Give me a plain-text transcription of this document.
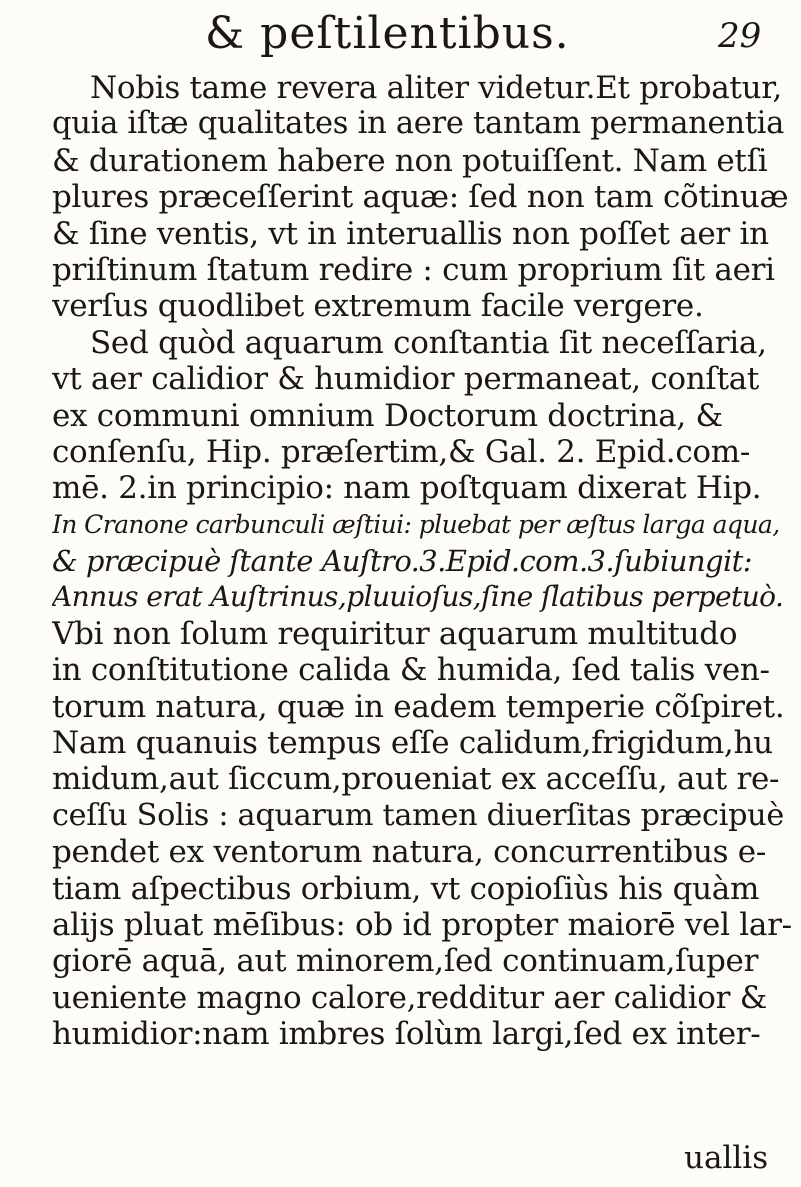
& peſtilentibus.	29
Nobis tame revera aliter videtur.Et probatur,
quia iſtæ qualitates in aere tantam permanentia
& durationem habere non potuiſſent. Nam etſi
plures præceſſerint aquæ: ſed non tam cõtinuæ
& ſine ventis, vt in interuallis non poſſet aer in
priſtinum ſtatum redire : cum proprium ſit aeri
verſus quodlibet extremum facile vergere.
Sed quòd aquarum conſtantia ſit neceſſaria,
vt aer calidior & humidior permaneat, conſtat
ex communi omnium Doctorum doctrina, &
conſenſu, Hip. præſertim,& Gal. 2. Epid.com-
mē. 2.in principio: nam poſtquam dixerat Hip.
In Cranone carbunculi æſtiui: pluebat per æſtus larga aqua,
& præcipuè ſtante Auſtro.3.Epid.com.3.ſubiungit:
Annus erat Auſtrinus,pluuioſus,ſine ſlatibus perpetuò.
Vbi non ſolum requiritur aquarum multitudo
in conſtitutione calida & humida, ſed talis ven-
torum natura, quæ in eadem temperie cõſpiret.
Nam quanuis tempus eſſe calidum,frigidum,hu
midum,aut ſiccum,proueniat ex acceſſu, aut re-
ceſſu Solis : aquarum tamen diuerſitas præcipuè
pendet ex ventorum natura, concurrentibus e-
tiam aſpectibus orbium, vt copioſiùs his quàm
alijs pluat mēſibus: ob id propter maiorē vel lar-
giorē aquā, aut minorem,ſed continuam,ſuper
ueniente magno calore,redditur aer calidior &
humidior:nam imbres ſolùm largi,ſed ex inter-
uallis
